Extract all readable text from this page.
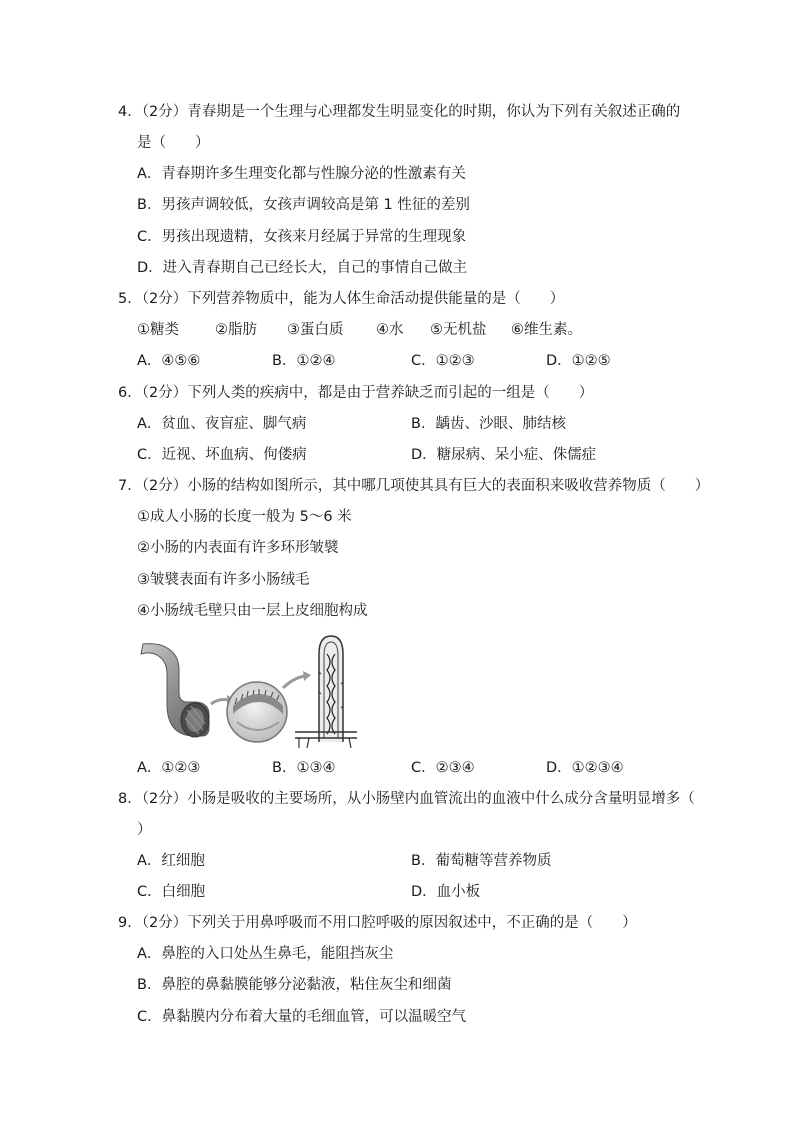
4．（2分）青春期是一个生理与心理都发生明显变化的时期，你认为下列有关叙述正确的
是（　　）
A．青春期许多生理变化都与性腺分泌的性激素有关
B．男孩声调较低，女孩声调较高是第 1 性征的差别
C．男孩出现遗精，女孩来月经属于异常的生理现象
D．进入青春期自己已经长大，自己的事情自己做主
5．（2分）下列营养物质中，能为人体生命活动提供能量的是（　　）
①糖类 ②脂肪 ③蛋白质 ④水 ⑤无机盐 ⑥维生素。
A．④⑤⑥	B．①②④	C．①②③	D．①②⑤
6．（2分）下列人类的疾病中，都是由于营养缺乏而引起的一组是（　　）
A．贫血、夜盲症、脚气病	B．龋齿、沙眼、肺结核
C．近视、坏血病、佝偻病	D．糖尿病、呆小症、侏儒症
7．（2分）小肠的结构如图所示，其中哪几项使其具有巨大的表面积来吸收营养物质（　　）
①成人小肠的长度一般为 5～6 米
②小肠的内表面有许多环形皱襞
③皱襞表面有许多小肠绒毛
④小肠绒毛壁只由一层上皮细胞构成
A．①②③	B．①③④	C．②③④	D．①②③④
8．（2分）小肠是吸收的主要场所，从小肠壁内血管流出的血液中什么成分含量明显增多（
）
A．红细胞	B．葡萄糖等营养物质
C．白细胞	D．血小板
9．（2分）下列关于用鼻呼吸而不用口腔呼吸的原因叙述中，不正确的是（　　）
A．鼻腔的入口处丛生鼻毛，能阻挡灰尘
B．鼻腔的鼻黏膜能够分泌黏液，粘住灰尘和细菌
C．鼻黏膜内分布着大量的毛细血管，可以温暖空气
